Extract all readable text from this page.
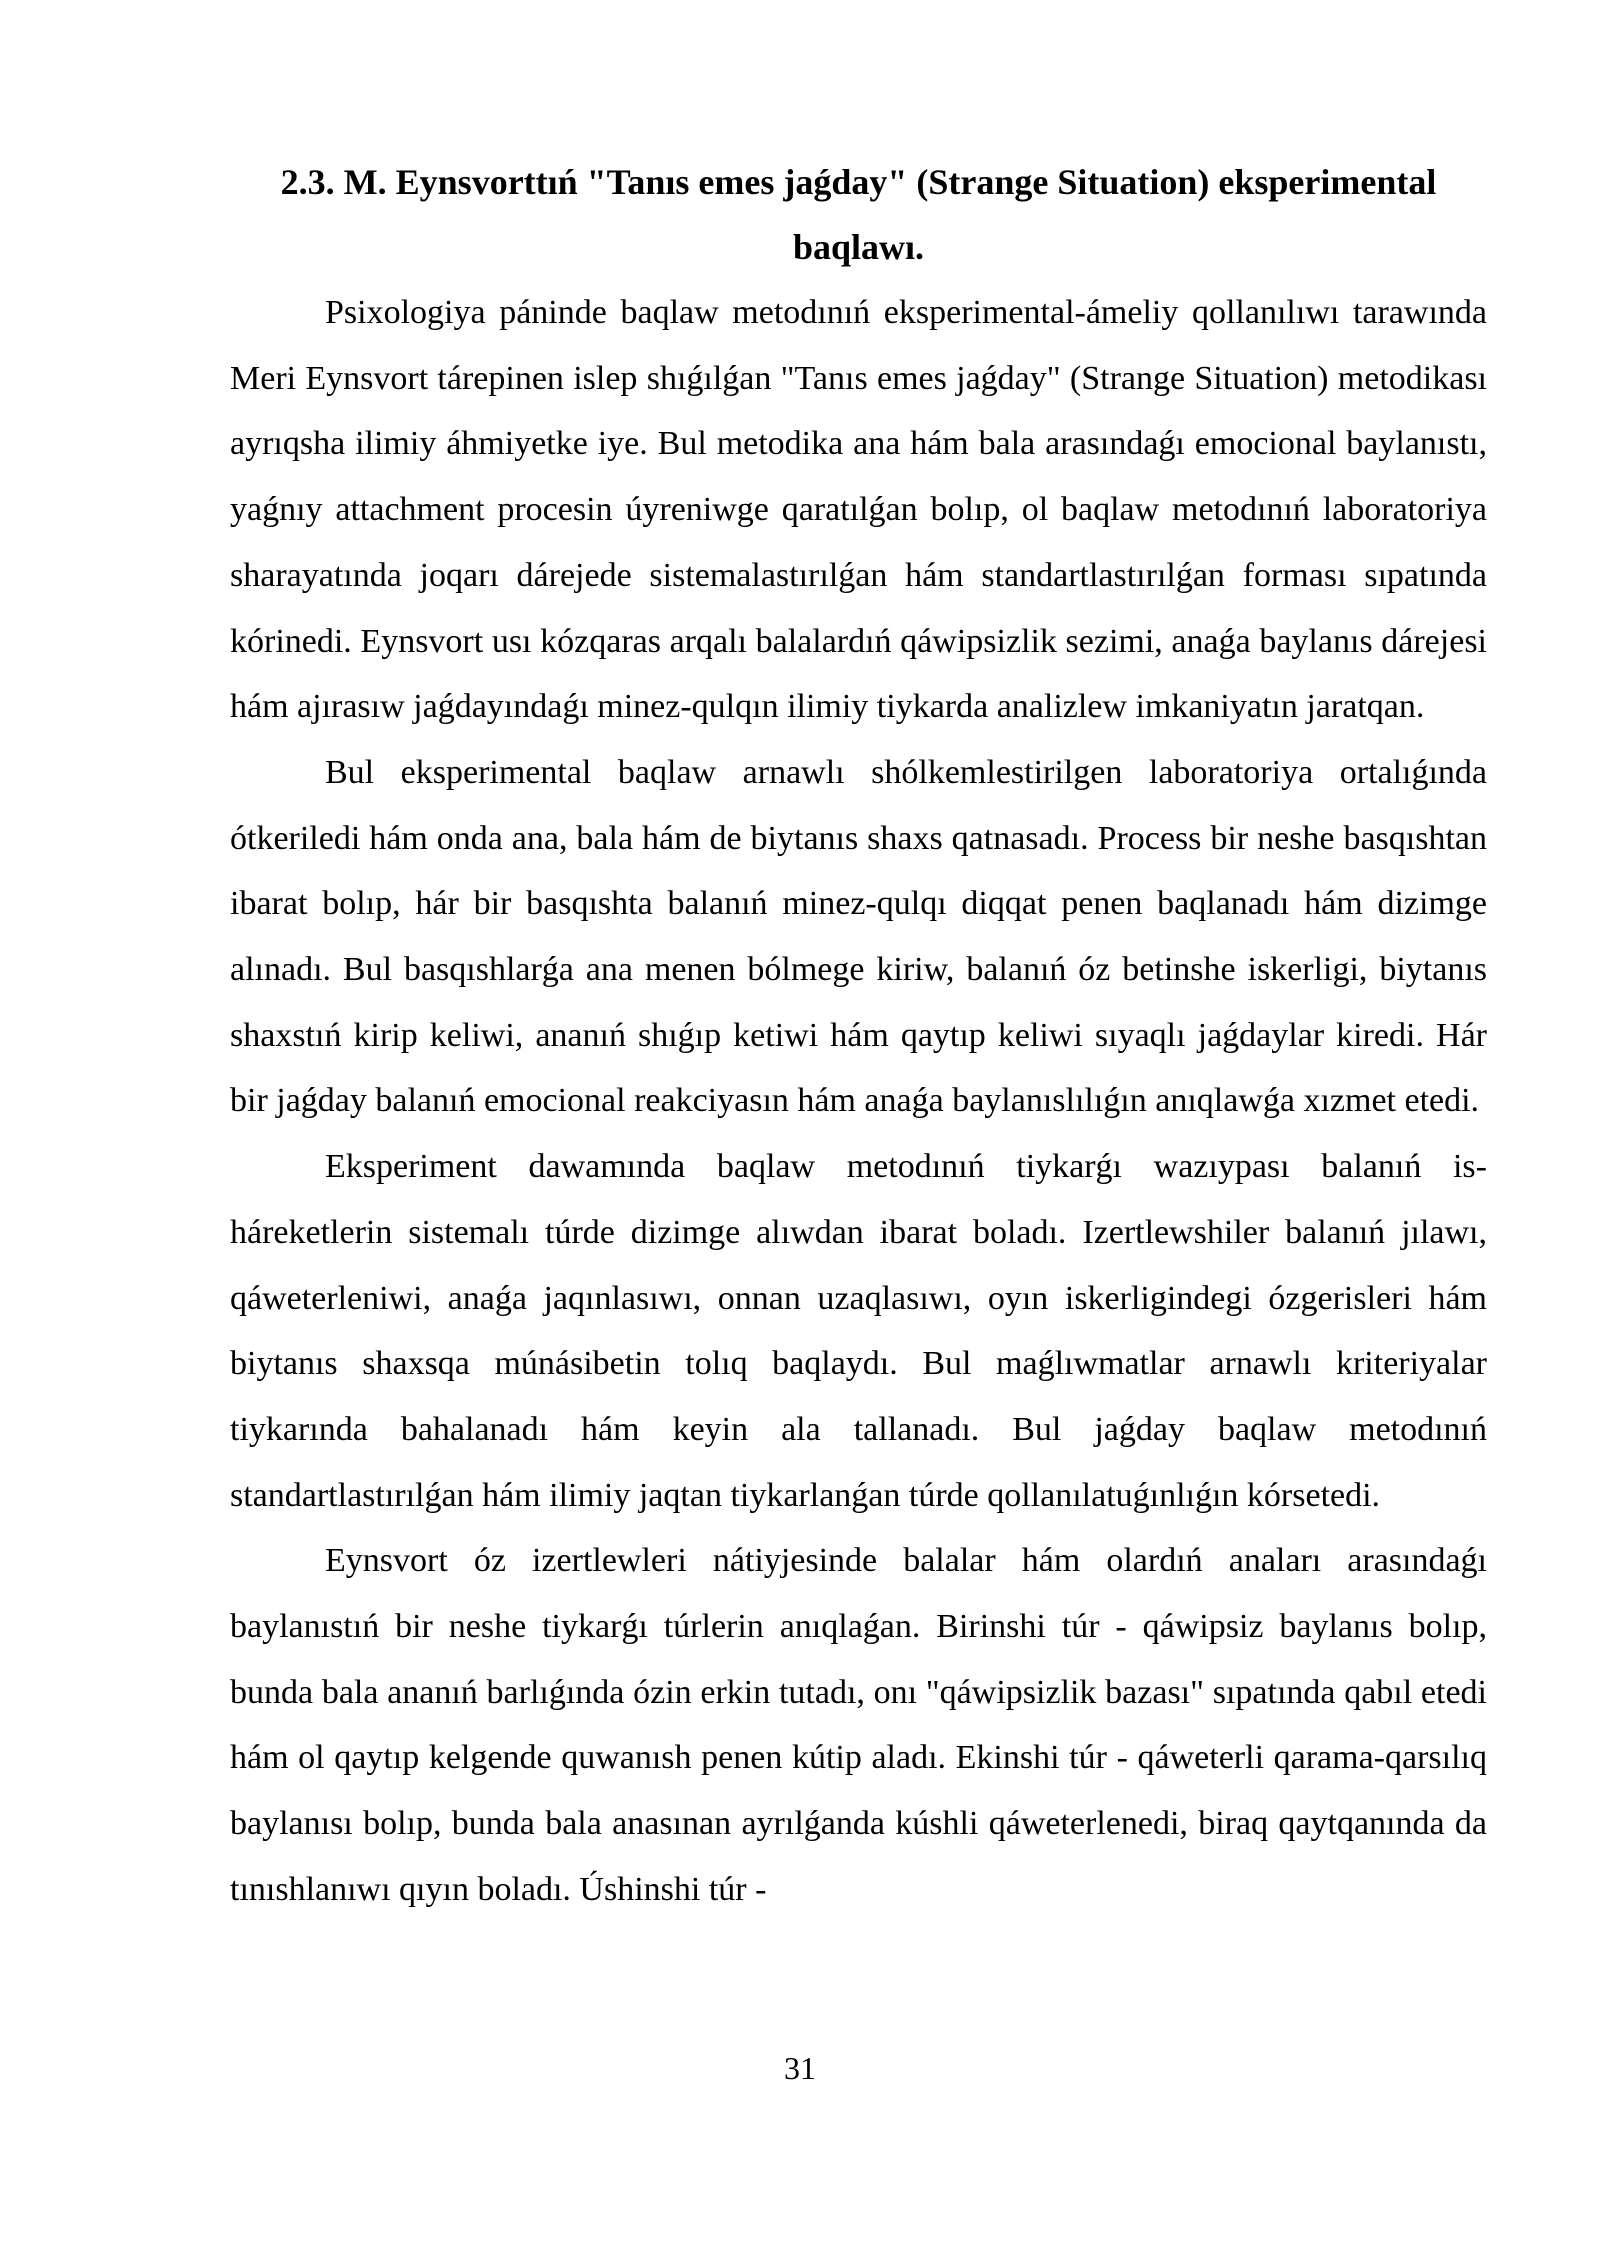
2.3. M. Eynsvorttıń "Tanıs emes jaǵday" (Strange Situation) eksperimental baqlawı.

Psixologiya páninde baqlaw metodınıń eksperimental-ámeliy qollanılıwı tarawında Meri Eynsvort tárepinen islep shıǵılǵan "Tanıs emes jaǵday" (Strange Situation) metodikası ayrıqsha ilimiy áhmiyetke iye. Bul metodika ana hám bala arasındaǵı emocional baylanıstı, yaǵnıy attachment procesin úyreniwge qaratılǵan bolıp, ol baqlaw metodınıń laboratoriya sharayatında joqarı dárejede sistemalastırılǵan hám standartlastırılǵan forması sıpatında kórinedi. Eynsvort usı kózqaras arqalı balalardıń qáwipsizlik sezimi, anaǵa baylanıs dárejesi hám ajırasıw jaǵdayındaǵı minez-qulqın ilimiy tiykarda analizlew imkaniyatın jaratqan.

Bul eksperimental baqlaw arnawlı shólkemlestirilgen laboratoriya ortalıǵında ótkeriledi hám onda ana, bala hám de biytanıs shaxs qatnasadı. Process bir neshe basqıshtan ibarat bolıp, hár bir basqıshta balanıń minez-qulqı diqqat penen baqlanadı hám dizimge alınadı. Bul basqıshlarǵa ana menen bólmege kiriw, balanıń óz betinshe iskerligi, biytanıs shaxstıń kirip keliwi, ananıń shıǵıp ketiwi hám qaytıp keliwi sıyaqlı jaǵdaylar kiredi. Hár bir jaǵday balanıń emocional reakciyasın hám anaǵa baylanıslılıǵın anıqlawǵa xızmet etedi.

Eksperiment dawamında baqlaw metodınıń tiykarǵı wazıypası balanıń is-háreketlerin sistemalı túrde dizimge alıwdan ibarat boladı. Izertlewshiler balanıń jılawı, qáweterleniwi, anaǵa jaqınlasıwı, onnan uzaqlasıwı, oyın iskerligindegi ózgerisleri hám biytanıs shaxsqa múnásibetin tolıq baqlaydı. Bul maǵlıwmatlar arnawlı kriteriyalar tiykarında bahalanadı hám keyin ala tallanadı. Bul jaǵday baqlaw metodınıń standartlastırılǵan hám ilimiy jaqtan tiykarlanǵan túrde qollanılatuǵınlıǵın kórsetedi.

Eynsvort óz izertlewleri nátiyjesinde balalar hám olardıń anaları arasındaǵı baylanıstıń bir neshe tiykarǵı túrlerin anıqlaǵan. Birinshi túr - qáwipsiz baylanıs bolıp, bunda bala ananıń barlıǵında ózin erkin tutadı, onı "qáwipsizlik bazası" sıpatında qabıl etedi hám ol qaytıp kelgende quwanısh penen kútip aladı. Ekinshi túr - qáweterli qarama-qarsılıq baylanısı bolıp, bunda bala anasınan ayrılǵanda kúshli qáweterlenedi, biraq qaytqanında da tınıshlanıwı qıyın boladı. Úshinshi túr -

31
